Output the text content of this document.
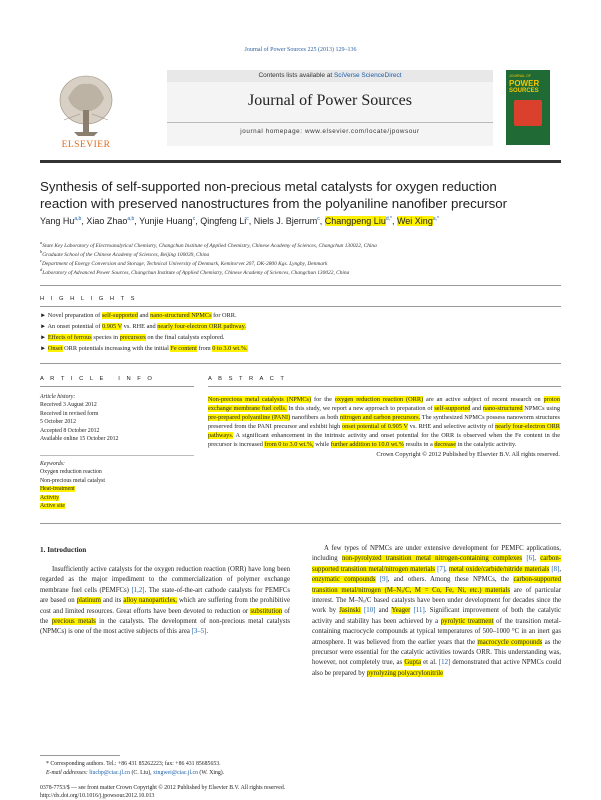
Journal of Power Sources 225 (2013) 129–136
ELSEVIER
Contents lists available at SciVerse ScienceDirect
Journal of Power Sources
journal homepage: www.elsevier.com/locate/jpowsour
JOURNAL OF
POWER
SOURCES
Synthesis of self-supported non-precious metal catalysts for oxygen reduction
reaction with preserved nanostructures from the polyaniline nanofiber precursor
Yang Hu$^{a,b}$, Xiao Zhao$^{a,b}$, Yunjie Huang$^c$, Qingfeng Li$^c$, Niels J. Bjerrum$^c$, Changpeng Liu$^{d,*}$, Wei Xing$^{a,*}$
$^a$State Key Laboratory of Electroanalytical Chemistry, Changchun Institute of Applied Chemistry, Chinese Academy of Sciences, Changchun 130022, China
$^b$Graduate School of the Chinese Academy of Sciences, Beijing 100039, China
$^c$Department of Energy Conversion and Storage, Technical University of Denmark, Kemitorvet 207, DK-2800 Kgs. Lyngby, Denmark
$^d$Laboratory of Advanced Power Sources, Changchun Institute of Applied Chemistry, Chinese Academy of Sciences, Changchun 130022, China
H I G H L I G H T S
► Novel preparation of self-supported and nano-structured NPMCs for ORR.
► An onset potential of 0.905 V vs. RHE and nearly four-electron ORR pathway.
► Effects of ferrous species in precursors on the final catalysts explored.
► Onset ORR potentials increasing with the initial Fe content from 0 to 3.0 wt.%.
A R T I C L E   I N F O
Article history:
Received 3 August 2012
Received in revised form
5 October 2012
Accepted 8 October 2012
Available online 15 October 2012
Keywords:
Oxygen reduction reaction
Non-precious metal catalyst
Heat-treatment
Activity
Active site
A B S T R A C T
Non-precious metal catalysts (NPMCs) for the oxygen reduction reaction (ORR) are an active subject of recent research on proton exchange membrane fuel cells. In this study, we report a new approach to preparation of self-supported and nano-structured NPMCs using pre-prepared polyaniline (PANI) nanofibers as both nitrogen and carbon precursors. The synthesized NPMCs possess nanoworm structures preserved from the PANI precursor and exhibit high onset potential of 0.905 V vs. RHE and selective activity of nearly four-electron ORR pathways. A significant enhancement in the intrinsic activity and onset potential for the ORR is observed when the Fe content in the precursor is increased from 0 to 3.0 wt.%, while further addition to 10.0 wt.% results in a decrease in the catalytic activity.
Crown Copyright © 2012 Published by Elsevier B.V. All rights reserved.
1. Introduction
Insufficiently active catalysts for the oxygen reduction reaction (ORR) have long been regarded as the major impediment to the commercialization of polymer exchange membrane fuel cells (PEMFCs) [1,2]. The state-of-the-art cathode catalysts for PEMFCs are based on platinum and its alloy nanoparticles, which are suffering from the prohibitive cost and limited resources. Great efforts have been devoted to reduction or substitution of the precious metals in the catalysts. The development of non-precious metal catalysts (NPMCs) is one of the most active subjects of this area [3–5].
* Corresponding authors. Tel.: +86 431 85262223; fax: +86 431 85685653.
E-mail addresses: liucbp@ciac.jl.cn (C. Liu), xingwei@ciac.jl.cn (W. Xing).
A few types of NPMCs are under extensive development for PEMFC applications, including non-pyrolyzed transition metal nitrogen-containing complexes [6], carbon-supported transition metal/nitrogen materials [7], metal oxide/carbide/nitride materials [8], enzymatic compounds [9], and others. Among these NPMCs, the carbon-supported transition metal/nitrogen (M–Nₓ/C, M = Co, Fe, Ni, etc.) materials are of particular interest. The M–Nₓ/C based catalysts have been under development for decades since the work by Jasinski [10] and Yeager [11]. Significant improvement of both the catalytic activity and stability has been achieved by a pyrolytic treatment of the transition metal-containing macrocycle compounds at typical temperatures of 500–1000 °C in an inert gas atmosphere. It was believed from the earlier years that the macrocycle compounds as the precursor were essential for the catalytic activities towards ORR. This understanding was, however, not completely true, as Gupta et al. [12] demonstrated that active NPMCs could also be prepared by pyrolyzing polyacrylonitrile
0378-7753/$ — see front matter Crown Copyright © 2012 Published by Elsevier B.V. All rights reserved.
http://dx.doi.org/10.1016/j.jpowsour.2012.10.013
